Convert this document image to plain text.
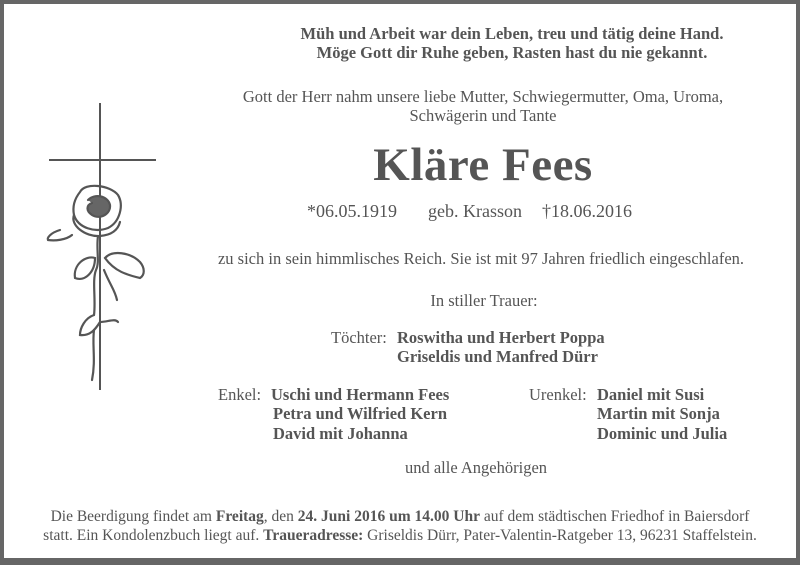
Müh und Arbeit war dein Leben, treu und tätig deine Hand.
Möge Gott dir Ruhe geben, Rasten hast du nie gekannt.
Gott der Herr nahm unsere liebe Mutter, Schwiegermutter, Oma, Uroma,
Schwägerin und Tante
Kläre Fees
*06.05.1919 geb. Krasson †18.06.2016
zu sich in sein himmlisches Reich. Sie ist mit 97 Jahren friedlich eingeschlafen.
In stiller Trauer:
Töchter: Roswitha und Herbert Poppa
Griseldis und Manfred Dürr
Enkel: Uschi und Hermann Fees
Petra und Wilfried Kern
David mit Johanna
Urenkel: Daniel mit Susi
Martin mit Sonja
Dominic und Julia
und alle Angehörigen
Die Beerdigung findet am Freitag, den 24. Juni 2016 um 14.00 Uhr auf dem städtischen Friedhof in Baiersdorf
statt. Ein Kondolenzbuch liegt auf. Traueradresse: Griseldis Dürr, Pater-Valentin-Ratgeber 13, 96231 Staffelstein.
